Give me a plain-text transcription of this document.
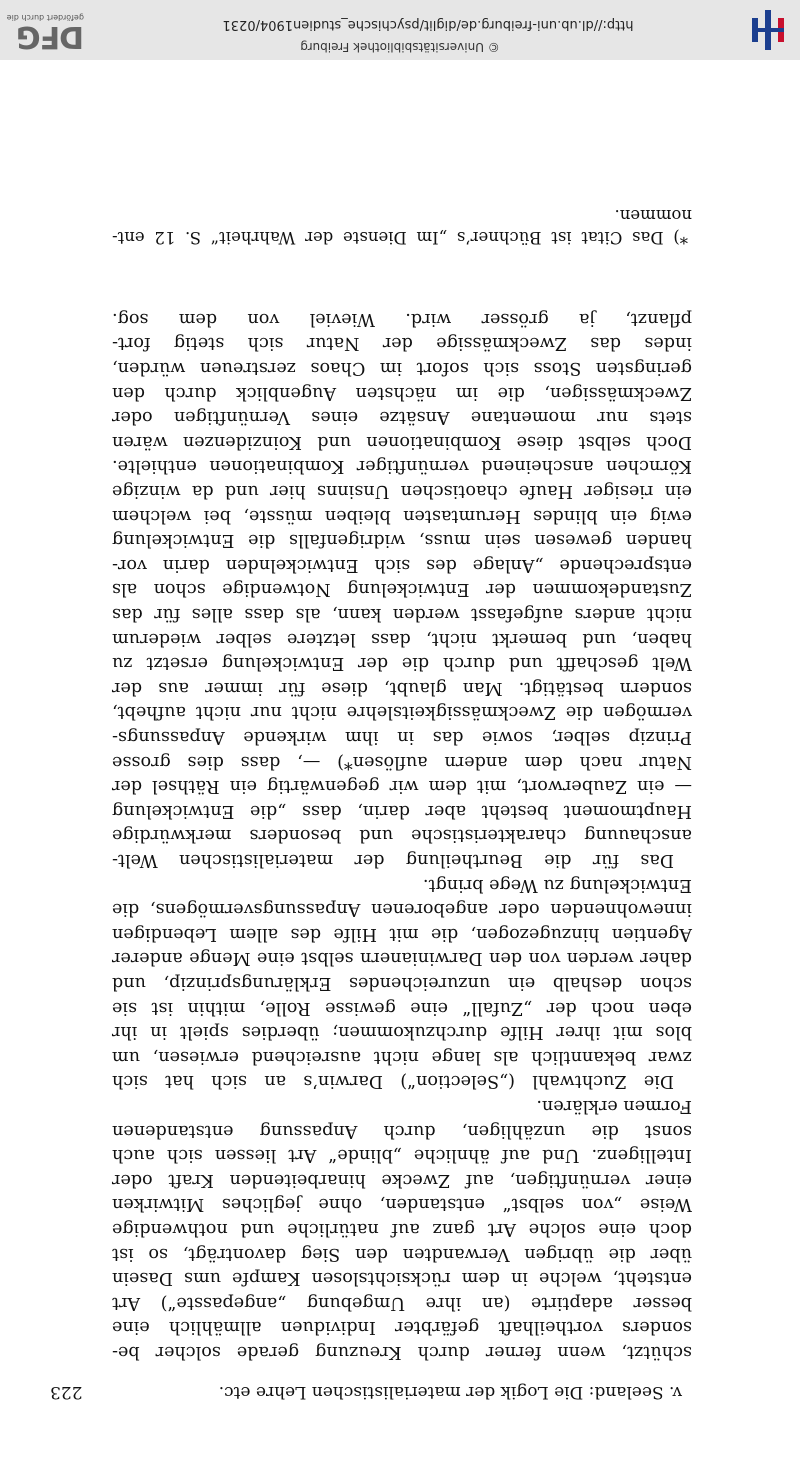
© Universitätsbibliothek Freiburg
http://dl.ub.uni-freiburg.de/diglit/psychische_studien1904/0231
DFG
gefördert durch die
v. Seeland: Die Logik der materialistischen Lehre etc.
223
schützt, wenn ferner durch Kreuzung gerade solcher be-
sonders vortheilhaft gefärbter Individuen allmählich eine
besser adaptirte (an ihre Umgebung „angepasste“) Art
entsteht, welche in dem rücksichtslosen Kampfe ums Dasein
über die übrigen Verwandten den Sieg davonträgt, so ist
doch eine solche Art ganz auf natürliche und nothwendige
Weise „von selbst“ entstanden, ohne jegliches Mitwirken
einer vernünftigen, auf Zwecke hinarbeitenden Kraft oder
Intelligenz. Und auf ähnliche „blinde“ Art liessen sich auch
sonst die unzähligen, durch Anpassung entstandenen
Formen erklären.
Die Zuchtwahl („Selection“) Darwin’s an sich hat sich
zwar bekanntlich als lange nicht ausreichend erwiesen, um
blos mit ihrer Hilfe durchzukommen; überdies spielt in ihr
eben noch der „Zufall“ eine gewisse Rolle, mithin ist sie
schon deshalb ein unzureichendes Erklärungsprinzip, und
daher werden von den Darwinianern selbst eine Menge anderer
Agentien hinzugezogen, die mit Hilfe des allem Lebendigen
innewohnenden oder angeborenen Anpassungsvermögens, die
Entwickelung zu Wege bringt.
Das für die Beurtheilung der materialistischen Welt-
anschauung charakteristische und besonders merkwürdige
Hauptmoment besteht aber darin, dass „die Entwickelung
— ein Zauberwort, mit dem wir gegenwärtig ein Räthsel der
Natur nach dem andern auflösen*) —, dass dies grosse
Prinzip selber, sowie das in ihm wirkende Anpassungs-
vermögen die Zweckmässigkeitslehre nicht nur nicht aufhebt,
sondern bestätigt. Man glaubt, diese für immer aus der
Welt geschafft und durch die der Entwickelung ersetzt zu
haben, und bemerkt nicht, dass letztere selber wiederum
nicht anders aufgefasst werden kann, als dass alles für das
Zustandekommen der Entwickelung Notwendige schon als
entsprechende „Anlage des sich Entwickelnden darin vor-
handen gewesen sein muss, widrigenfalls die Entwickelung
ewig ein blindes Herumtasten bleiben müsste, bei welchem
ein riesiger Haufe chaotischen Unsinns hier und da winzige
Körnchen anscheinend vernünftiger Kombinationen enthielte.
Doch selbst diese Kombinationen und Koinzidenzen wären
stets nur momentane Ansätze eines Vernünftigen oder
Zweckmässigen, die im nächsten Augenblick durch den
geringsten Stoss sich sofort im Chaos zerstreuen würden,
indes das Zweckmässige der Natur sich stetig fort-
pflanzt, ja grösser wird. Wieviel von dem sog.
*) Das Citat ist Büchner’s „Im Dienste der Wahrheit“ S. 12 ent-
nommen.
